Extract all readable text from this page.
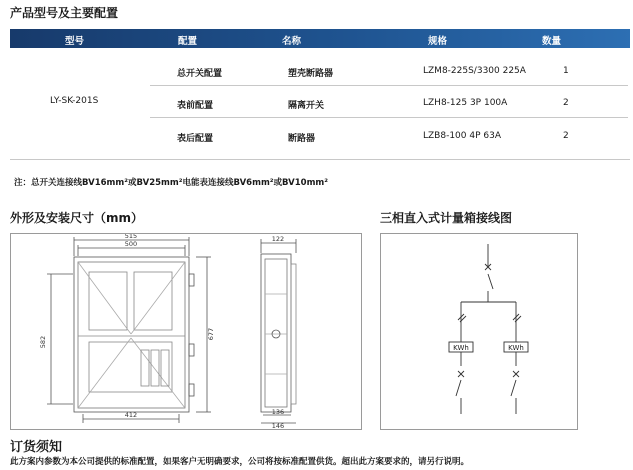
产品型号及主要配置
型号	配置	名称	规格	数量
LY-SK-201S
总开关配置	塑壳断路器	LZM8-225S/3300 225A	1
表前配置	隔离开关	LZH8-125 3P 100A	2
表后配置	断路器	LZB8-100 4P 63A	2
注：总开关连接线BV16mm²或BV25mm²电能表连接线BV6mm²或BV10mm²
外形及安装尺寸（mm）	三相直入式计量箱接线图
515
500
412
582
677
122
136
146
KWh	KWh
订货须知
此方案内参数为本公司提供的标准配置，如果客户无明确要求，公司将按标准配置供货。超出此方案要求的，请另行说明。
